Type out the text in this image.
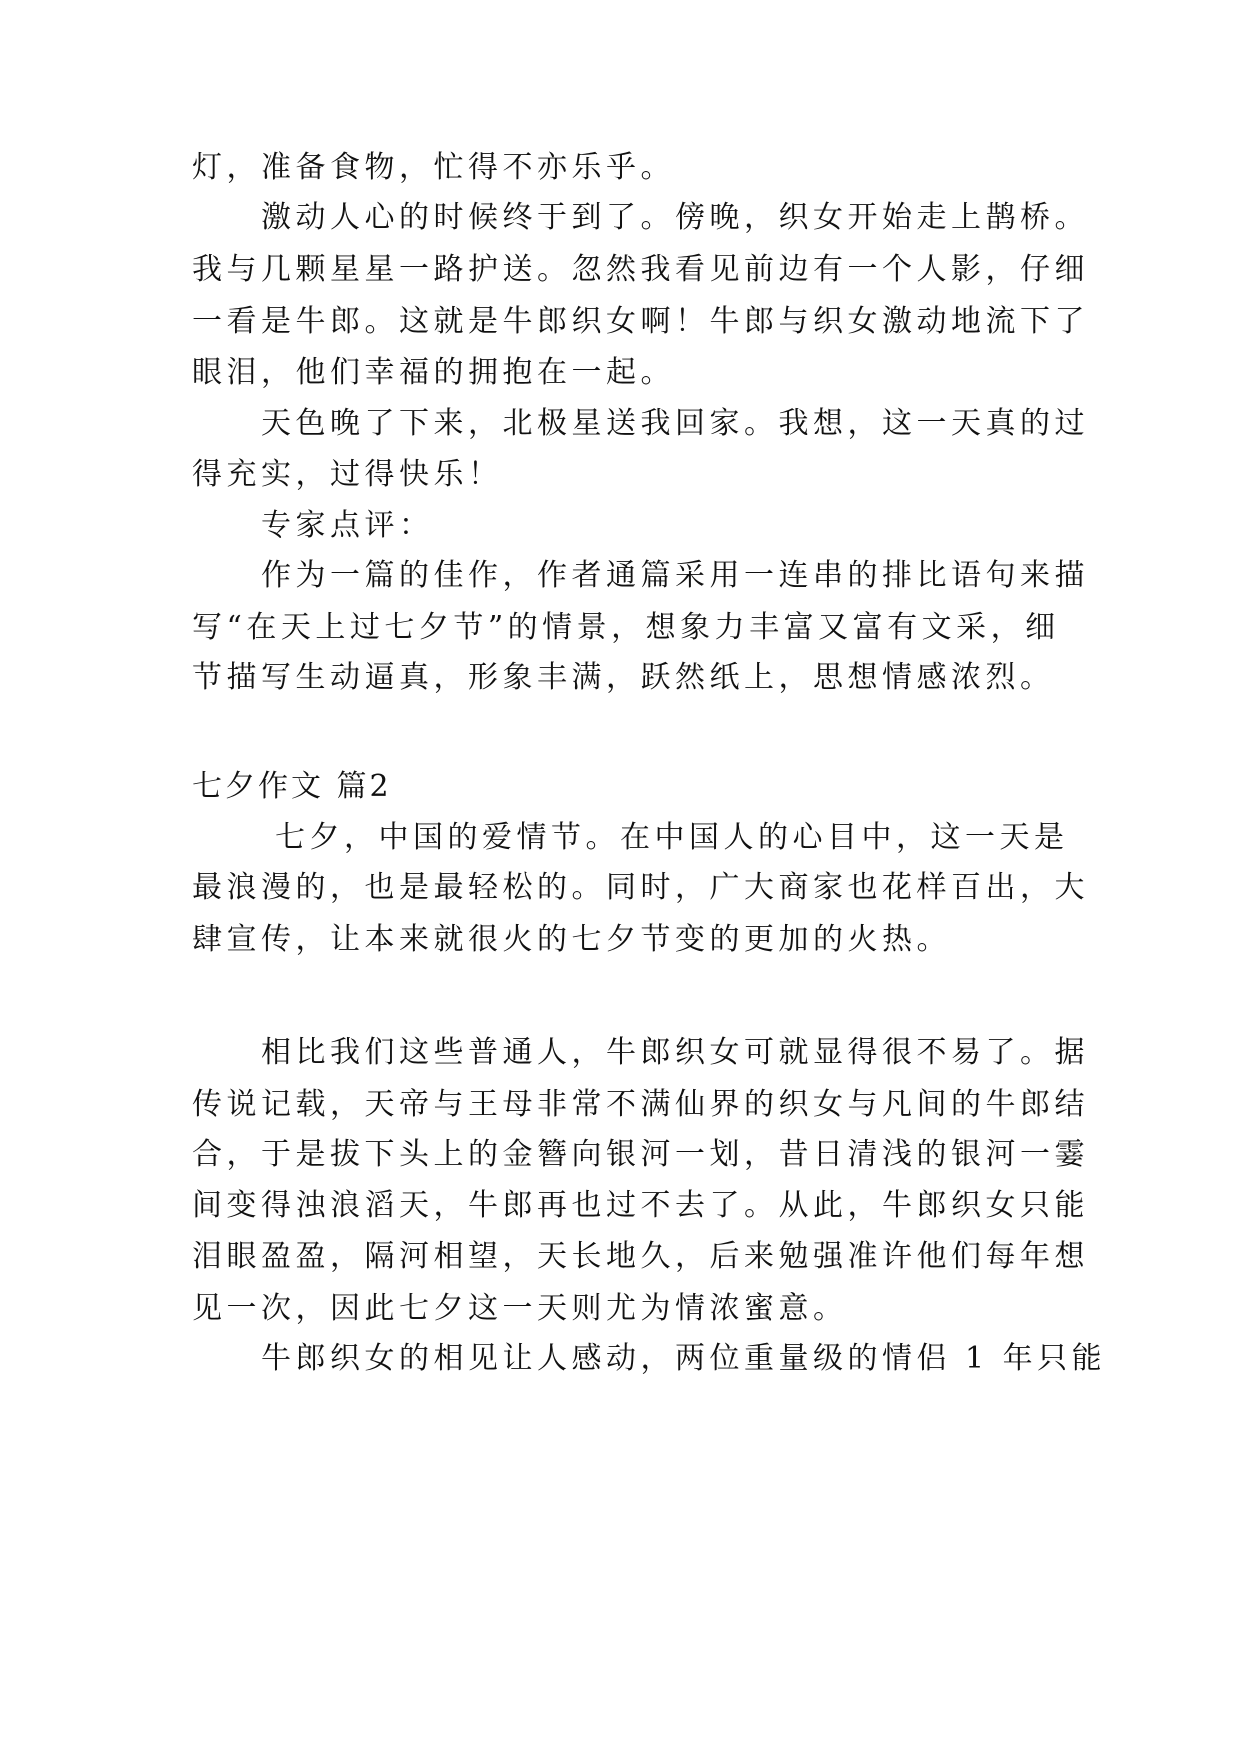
灯，准备食物，忙得不亦乐乎。
　　激动人心的时候终于到了。傍晚，织女开始走上鹊桥。
我与几颗星星一路护送。忽然我看见前边有一个人影，仔细
一看是牛郎。这就是牛郎织女啊！牛郎与织女激动地流下了
眼泪，他们幸福的拥抱在一起。
　　天色晚了下来，北极星送我回家。我想，这一天真的过
得充实，过得快乐！
　　专家点评：
　　作为一篇的佳作，作者通篇采用一连串的排比语句来描
写“在天上过七夕节”的情景，想象力丰富又富有文采，细
节描写生动逼真，形象丰满，跃然纸上，思想情感浓烈。
七夕作文 篇2
　　 七夕，中国的爱情节。在中国人的心目中，这一天是
最浪漫的，也是最轻松的。同时，广大商家也花样百出，大
肆宣传，让本来就很火的七夕节变的更加的火热。
　　相比我们这些普通人，牛郎织女可就显得很不易了。据
传说记载，天帝与王母非常不满仙界的织女与凡间的牛郎结
合，于是拔下头上的金簪向银河一划，昔日清浅的银河一霎
间变得浊浪滔天，牛郎再也过不去了。从此，牛郎织女只能
泪眼盈盈，隔河相望，天长地久，后来勉强准许他们每年想
见一次，因此七夕这一天则尤为情浓蜜意。
　　牛郎织女的相见让人感动，两位重量级的情侣 1 年只能
